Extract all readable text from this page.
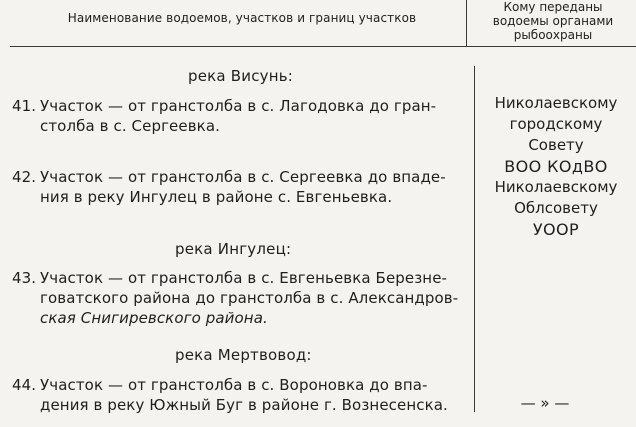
Наименование водоемов, участков и границ участков
Кому переданы
водоемы органами
рыбоохраны
река Висунь:
41. Участок — от гранстолба в с. Лагодовка до гран-
столба в с. Сергеевка.
42. Участок — от гранстолба в с. Сергеевка до впаде-
ния в реку Ингулец в районе с. Евгеньевка.
река Ингулец:
43. Участок — от гранстолба в с. Евгеньевка Березне-
говатского района до гранстолба в с. Александров-
ская Снигиревского района.
река Мертвовод:
44. Участок — от гранстолба в с. Вороновка до впа-
дения в реку Южный Буг в районе г. Вознесенска.
Николаевскому
городскому
Совету
ВОО КОдВО
Николаевскому
Облсовету
УООР
— » —
